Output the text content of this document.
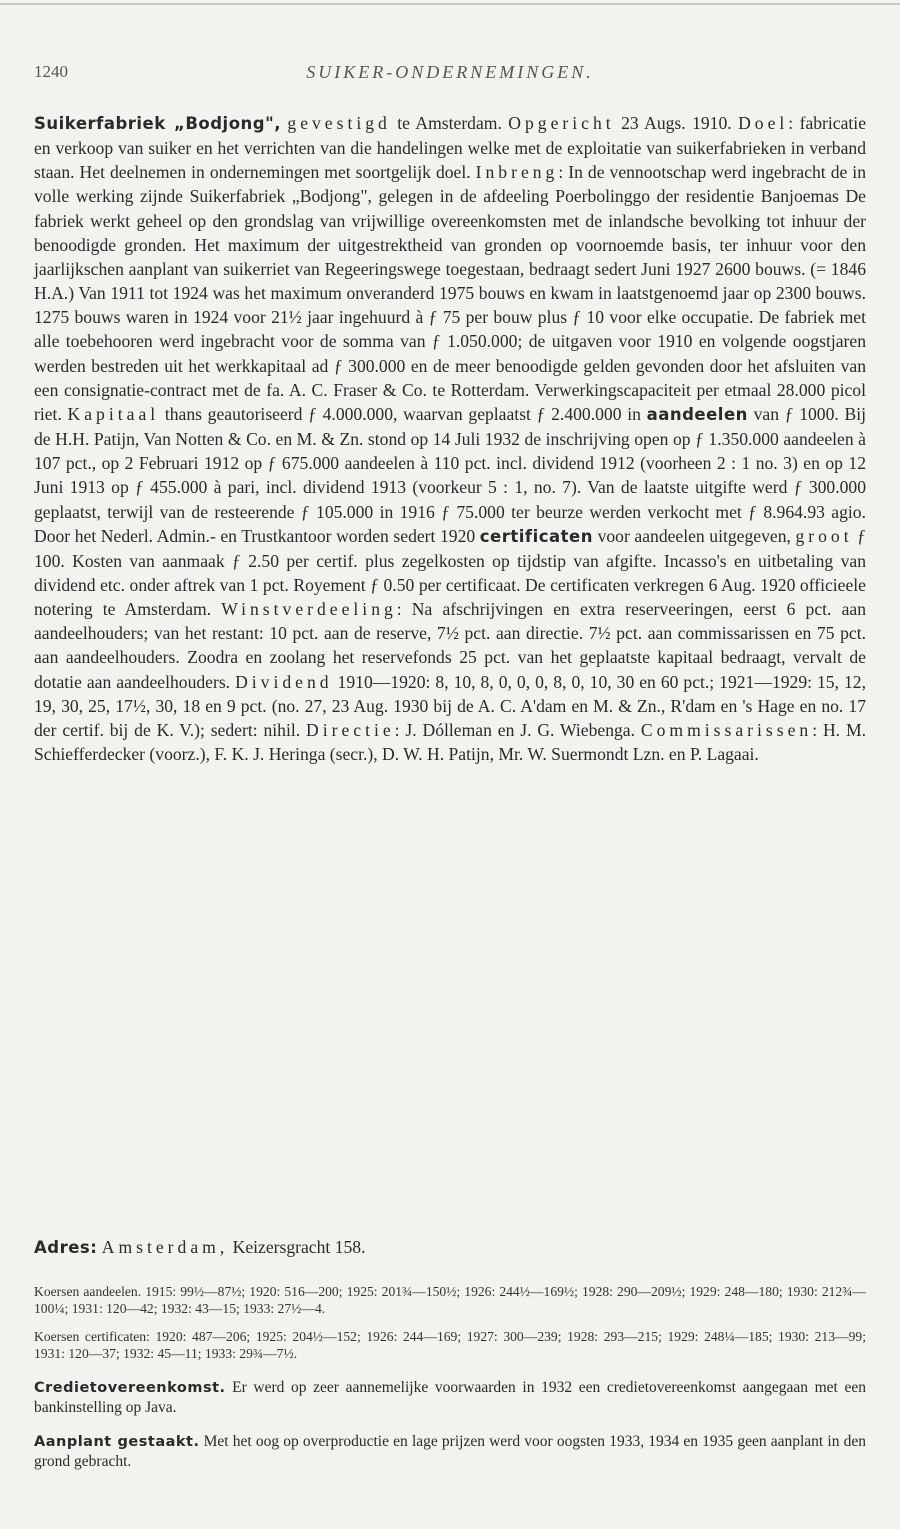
1240	SUIKER-ONDERNEMINGEN.

Suikerfabriek „Bodjong", gevestigd te Amsterdam. Opgericht 23 Augs. 1910. Doel: fabricatie en verkoop van suiker en het verrichten van die handelingen welke met de exploitatie van suikerfabrieken in verband staan. Het deelnemen in ondernemingen met soortgelijk doel. Inbreng: In de vennootschap werd ingebracht de in volle werking zijnde Suikerfabriek „Bodjong", gelegen in de afdeeling Poerbolinggo der residentie Banjoemas De fabriek werkt geheel op den grondslag van vrijwillige overeenkomsten met de inlandsche bevolking tot inhuur der benoodigde gronden. Het maximum der uitgestrektheid van gronden op voornoemde basis, ter inhuur voor den jaarlijkschen aanplant van suikerriet van Regeeringswege toegestaan, bedraagt sedert Juni 1927 2600 bouws. (= 1846 H.A.) Van 1911 tot 1924 was het maximum onveranderd 1975 bouws en kwam in laatstgenoemd jaar op 2300 bouws. 1275 bouws waren in 1924 voor 21½ jaar ingehuurd à ƒ 75 per bouw plus ƒ 10 voor elke occupatie. De fabriek met alle toebehooren werd ingebracht voor de somma van ƒ 1.050.000; de uitgaven voor 1910 en volgende oogstjaren werden bestreden uit het werkkapitaal ad ƒ 300.000 en de meer benoodigde gelden gevonden door het afsluiten van een consignatie-contract met de fa. A. C. Fraser & Co. te Rotterdam. Verwerkingscapaciteit per etmaal 28.000 picol riet. Kapitaal thans geautoriseerd ƒ 4.000.000, waarvan geplaatst ƒ 2.400.000 in aandeelen van ƒ 1000. Bij de H.H. Patijn, Van Notten & Co. en M. & Zn. stond op 14 Juli 1932 de inschrijving open op ƒ 1.350.000 aandeelen à 107 pct., op 2 Februari 1912 op ƒ 675.000 aandeelen à 110 pct. incl. dividend 1912 (voorheen 2 : 1 no. 3) en op 12 Juni 1913 op ƒ 455.000 à pari, incl. dividend 1913 (voorkeur 5 : 1, no. 7). Van de laatste uitgifte werd ƒ 300.000 geplaatst, terwijl van de resteerende ƒ 105.000 in 1916 ƒ 75.000 ter beurze werden verkocht met ƒ 8.964.93 agio. Door het Nederl. Admin.- en Trustkantoor worden sedert 1920 certificaten voor aandeelen uitgegeven, groot ƒ 100. Kosten van aanmaak ƒ 2.50 per certif. plus zegelkosten op tijdstip van afgifte. Incasso's en uitbetaling van dividend etc. onder aftrek van 1 pct. Royement ƒ 0.50 per certificaat. De certificaten verkregen 6 Aug. 1920 officieele notering te Amsterdam. Winstverdeeling: Na afschrijvingen en extra reserveeringen, eerst 6 pct. aan aandeelhouders; van het restant: 10 pct. aan de reserve, 7½ pct. aan directie. 7½ pct. aan commissarissen en 75 pct. aan aandeelhouders. Zoodra en zoolang het reservefonds 25 pct. van het geplaatste kapitaal bedraagt, vervalt de dotatie aan aandeelhouders. Dividend 1910—1920: 8, 10, 8, 0, 0, 0, 8, 0, 10, 30 en 60 pct.; 1921—1929: 15, 12, 19, 30, 25, 17½, 30, 18 en 9 pct. (no. 27, 23 Aug. 1930 bij de A. C. A'dam en M. & Zn., R'dam en 's Hage en no. 17 der certif. bij de K. V.); sedert: nihil. Directie: J. Dólleman en J. G. Wiebenga. Commissarissen: H. M. Schiefferdecker (voorz.), F. K. J. Heringa (secr.), D. W. H. Patijn, Mr. W. Suermondt Lzn. en P. Lagaai.

Adres: Amsterdam, Keizersgracht 158.
Koersen aandeelen. 1915: 99½—87½; 1920: 516—200; 1925: 201¾—150½; 1926: 244½—169½; 1928: 290—209½; 1929: 248—180; 1930: 212¾—100¼; 1931: 120—42; 1932: 43—15; 1933: 27½—4.
Koersen certificaten: 1920: 487—206; 1925: 204½—152; 1926: 244—169; 1927: 300—239; 1928: 293—215; 1929: 248¼—185; 1930: 213—99; 1931: 120—37; 1932: 45—11; 1933: 29¾—7½.
Credietovereenkomst. Er werd op zeer aannemelijke voorwaarden in 1932 een credietovereenkomst aangegaan met een bankinstelling op Java.
Aanplant gestaakt. Met het oog op overproductie en lage prijzen werd voor oogsten 1933, 1934 en 1935 geen aanplant in den grond gebracht.
